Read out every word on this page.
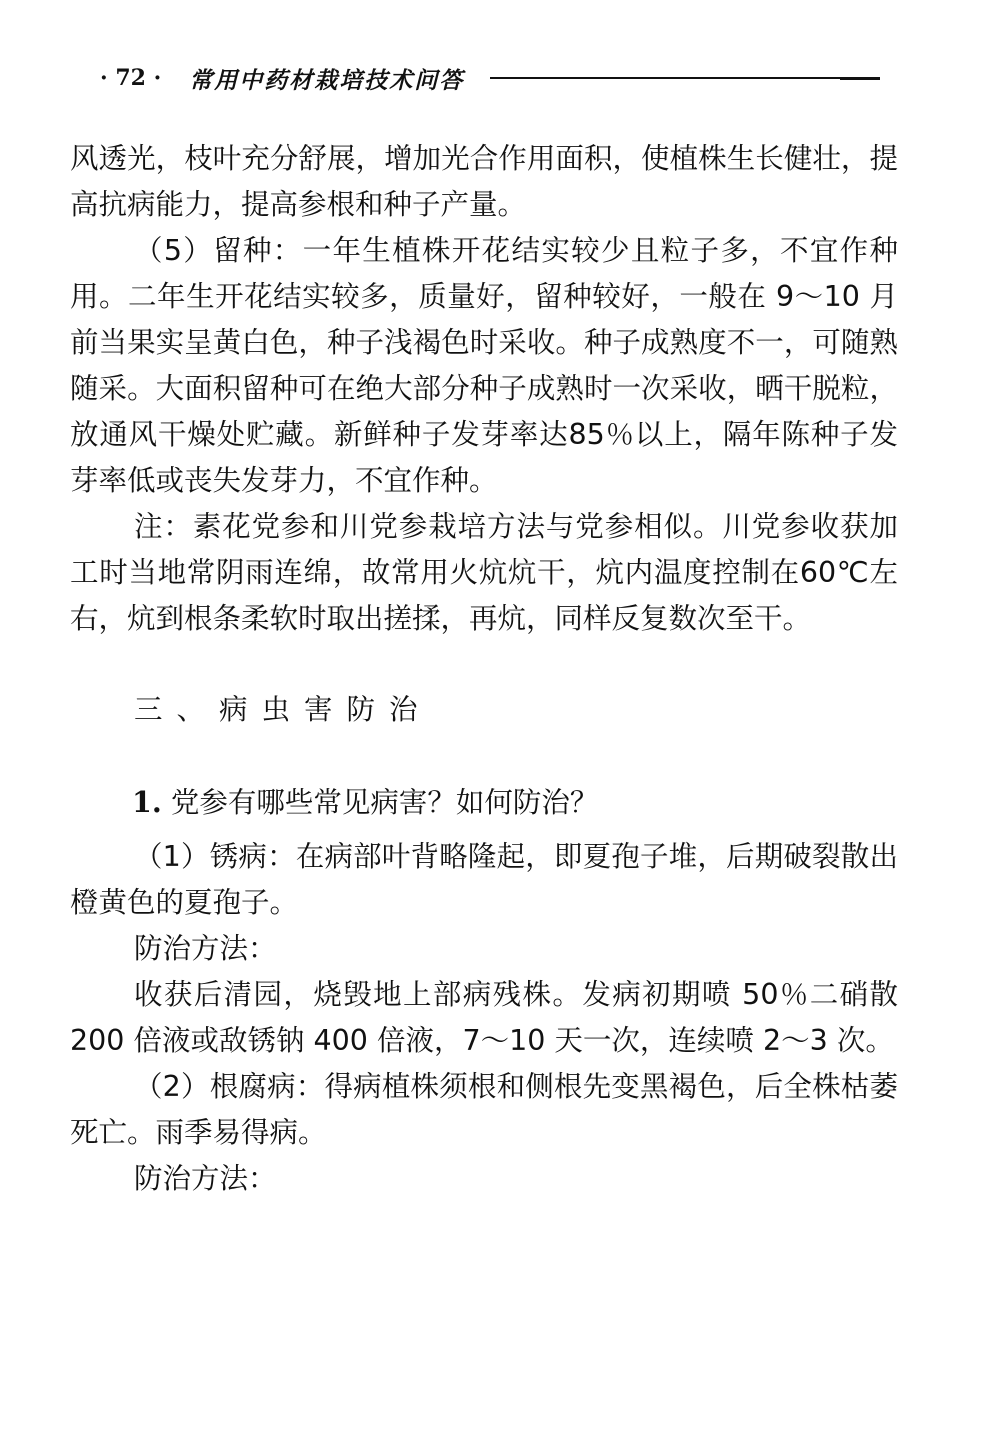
· 72 · 常用中药材栽培技术问答

风透光，枝叶充分舒展，增加光合作用面积，使植株生长健壮，提高抗病能力，提高参根和种子产量。

（5）留种：一年生植株开花结实较少且粒子多，不宜作种用。二年生开花结实较多，质量好，留种较好，一般在 9～10 月前当果实呈黄白色，种子浅褐色时采收。种子成熟度不一，可随熟随采。大面积留种可在绝大部分种子成熟时一次采收，晒干脱粒，放通风干燥处贮藏。新鲜种子发芽率达85％以上，隔年陈种子发芽率低或丧失发芽力，不宜作种。

注：素花党参和川党参栽培方法与党参相似。川党参收获加工时当地常阴雨连绵，故常用火炕炕干，炕内温度控制在60℃左右，炕到根条柔软时取出搓揉，再炕，同样反复数次至干。

三、病虫害防治

1. 党参有哪些常见病害？如何防治？

（1）锈病：在病部叶背略隆起，即夏孢子堆，后期破裂散出橙黄色的夏孢子。

防治方法：

收获后清园，烧毁地上部病残株。发病初期喷 50％二硝散 200 倍液或敌锈钠 400 倍液，7～10 天一次，连续喷 2～3 次。

（2）根腐病：得病植株须根和侧根先变黑褐色，后全株枯萎死亡。雨季易得病。

防治方法：
